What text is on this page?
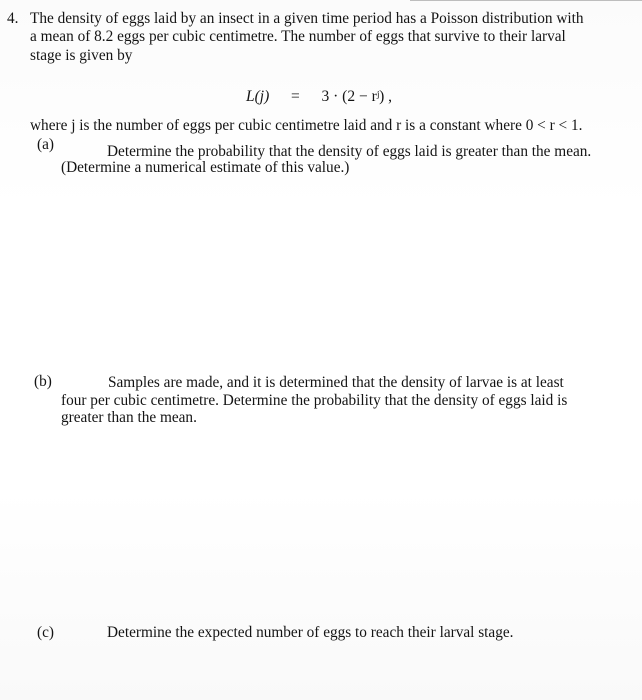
4. The density of eggs laid by an insect in a given time period has a Poisson distribution with
a mean of 8.2 eggs per cubic centimetre. The number of eggs that survive to their larval
stage is given by
L(j) = 3 · (2 − rʲ) ,
where j is the number of eggs per cubic centimetre laid and r is a constant where 0 < r < 1.
(a)	Determine the probability that the density of eggs laid is greater than the mean.
(Determine a numerical estimate of this value.)
(b)	Samples are made, and it is determined that the density of larvae is at least
four per cubic centimetre. Determine the probability that the density of eggs laid is
greater than the mean.
(c)	Determine the expected number of eggs to reach their larval stage.
